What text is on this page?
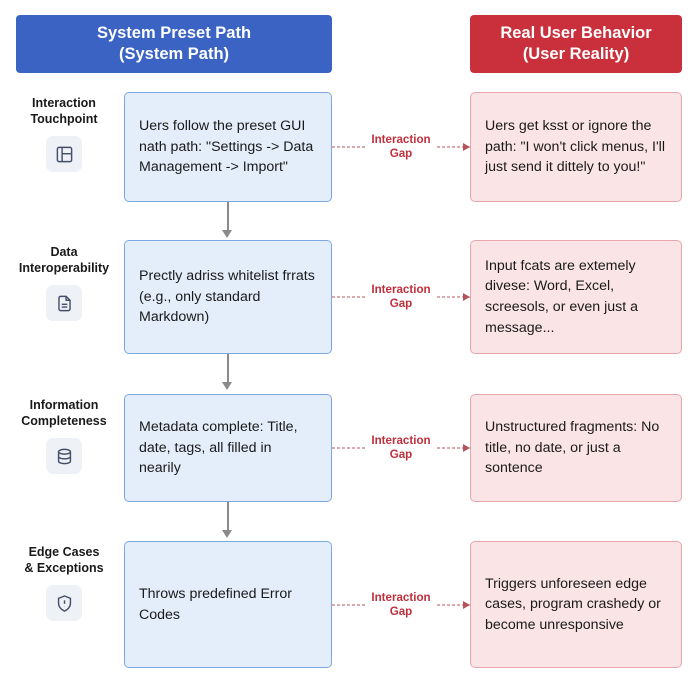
System Preset Path
(System Path)
Real User Behavior
(User Reality)
Interaction
Touchpoint	Uers follow the preset GUI nath path: "Settings -> Data Management -> Import"
Uers get ksst or ignore the path: "I won't click menus, I'll just send it dittely to you!"
Interaction
Gap
Data
Interoperability
Prectly adriss whitelist frrats (e.g., only standard Markdown)
Input fcats are extemely divese: Word, Excel, screesols, or even just a message...
Interaction
Gap
Information
Completeness Metadata complete: Title, date, tags, all filled in nearily
Unstructured fragments: No title, no date, or just a sontence
Interaction
Gap
Edge Cases
& Exceptions
Throws predefined Error Codes
Triggers unforeseen edge cases, program crashedy or become unresponsive
Interaction
Gap
